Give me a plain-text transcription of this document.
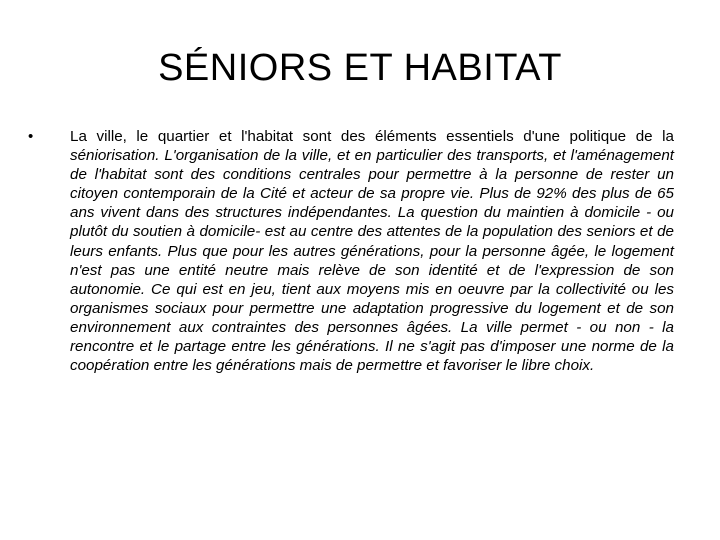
SÉNIORS ET HABITAT
• La ville, le quartier et l'habitat sont des éléments essentiels d'une politique de la séniorisation. L'organisation de la ville, et en particulier des transports, et l'aménagement de l'habitat sont des conditions centrales pour permettre à la personne de rester un citoyen contemporain de la Cité et acteur de sa propre vie. Plus de 92% des plus de 65 ans vivent dans des structures indépendantes. La question du maintien à domicile - ou plutôt du soutien à domicile- est au centre des attentes de la population des seniors et de leurs enfants. Plus que pour les autres générations, pour la personne âgée, le logement n'est pas une entité neutre mais relève de son identité et de l'expression de son autonomie. Ce qui est en jeu, tient aux moyens mis en oeuvre par la collectivité ou les organismes sociaux pour permettre une adaptation progressive du logement et de son environnement aux contraintes des personnes âgées. La ville permet - ou non - la rencontre et le partage entre les générations. Il ne s'agit pas d'imposer une norme de la coopération entre les générations mais de permettre et favoriser le libre choix.
